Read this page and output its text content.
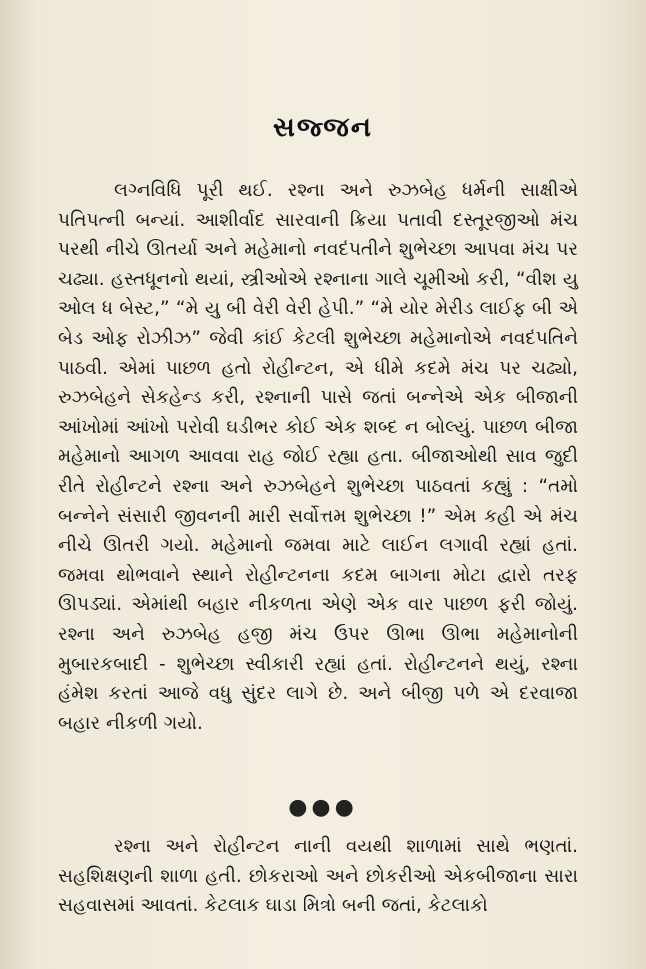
સજ્જન

લગ્નવિધિ પૂરી થઈ. રશ્ના અને રુઝબેહ ધર્મની સાક્ષીએ પતિપત્ની બન્યાં. આશીર્વાદ સારવાની ક્રિયા પતાવી દસ્તૂરજીઓ મંચ પરથી નીચે ઊતર્યા અને મહેમાનો નવદંપતીને શુભેચ્છા આપવા મંચ પર ચઢ્યા. હસ્તધૂનનો થયાં, સ્ત્રીઓએ રશ્નાના ગાલે ચૂમીઓ કરી, “વીશ યુ ઓલ ધ બેસ્ટ,” “મે યુ બી વેરી વેરી હેપી.” “મે યોર મેરીડ લાઈફ બી એ બેડ ઓફ રોઝીઝ” જેવી કાંઈ કેટલી શુભેચ્છા મહેમાનોએ નવદંપતિને પાઠવી. એમાં પાછળ હતો રોહીન્ટન, એ ધીમે કદમે મંચ પર ચઢ્યો, રુઝબેહને સેકહેન્ડ કરી, રશ્નાની પાસે જતાં બન્નેએ એક બીજાની આંખોમાં આંખો પરોવી ઘડીભર કોઈ એક શબ્દ ન બોલ્યું. પાછળ બીજા મહેમાનો આગળ આવવા રાહ જોઈ રહ્યા હતા. બીજાઓથી સાવ જુદી રીતે રોહીન્ટને રશ્ના અને રુઝબેહને શુભેચ્છા પાઠવતાં કહ્યું : “તમો બન્નેને સંસારી જીવનની મારી સર્વોત્તમ શુભેચ્છા !” એમ કહી એ મંચ નીચે ઊતરી ગયો. મહેમાનો જમવા માટે લાઈન લગાવી રહ્યાં હતાં. જમવા થોભવાને સ્થાને રોહીન્ટનના કદમ બાગના મોટા દ્વારો તરફ ઊપડ્યાં. એમાંથી બહાર નીકળતા એણે એક વાર પાછળ ફરી જોયું. રશ્ના અને રુઝબેહ હજી મંચ ઉપર ઊભા ઊભા મહેમાનોની મુબારકબાદી - શુભેચ્છા સ્વીકારી રહ્યાં હતાં. રોહીન્ટનને થયું, રશ્ના હંમેશ કરતાં આજે વધુ સુંદર લાગે છે. અને બીજી પળે એ દરવાજા બહાર નીકળી ગયો.

●●●

રશ્ના અને રોહીન્ટન નાની વયથી શાળામાં સાથે ભણતાં. સહશિક્ષણની શાળા હતી. છોકરાઓ અને છોકરીઓ એકબીજાના સારા સહવાસમાં આવતાં. કેટલાક ઘાડા મિત્રો બની જતાં, કેટલાકો
